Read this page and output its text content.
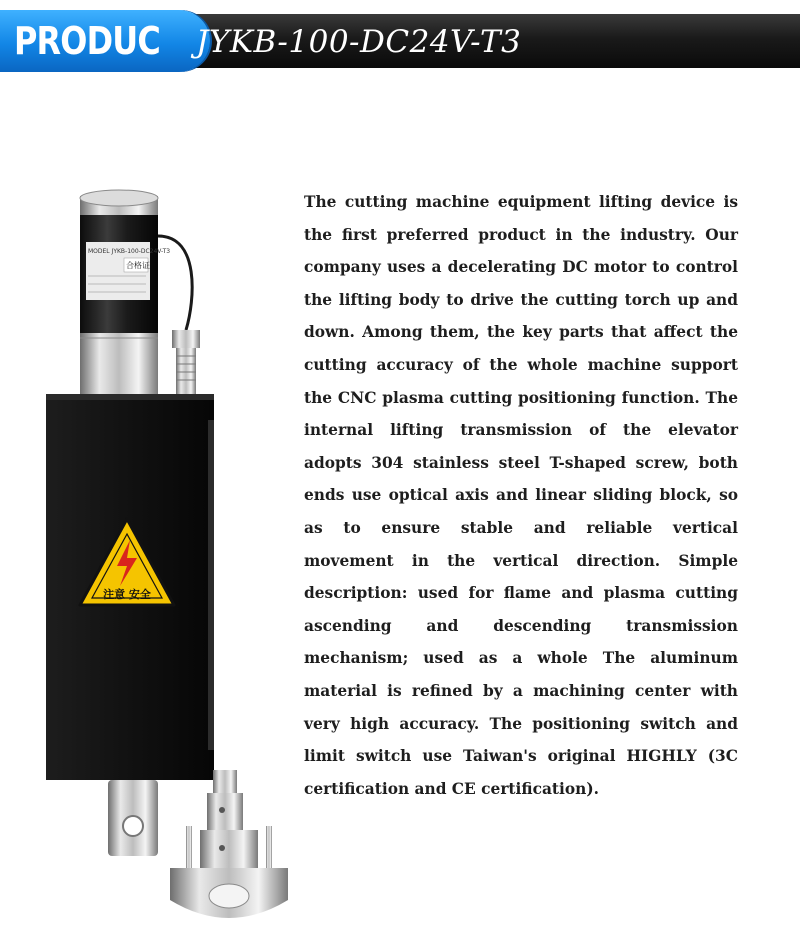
PRODUC JYKB-100-DC24V-T3
MODEL JYKB-100-DC24V-T3
合格证
注意 安全

The cutting machine equipment lifting device is the first preferred product in the industry. Our company uses a decelerating DC motor to control the lifting body to drive the cutting torch up and down. Among them, the key parts that affect the cutting accuracy of the whole machine support the CNC plasma cutting positioning function. The internal lifting transmission of the elevator adopts 304 stainless steel T-shaped screw, both ends use optical axis and linear sliding block, so as to ensure stable and reliable vertical movement in the vertical direction. Simple description: used for flame and plasma cutting ascending and descending transmission mechanism; used as a whole The aluminum material is refined by a machining center with very high accuracy. The positioning switch and limit switch use Taiwan's original HIGHLY (3C certification and CE certification).
